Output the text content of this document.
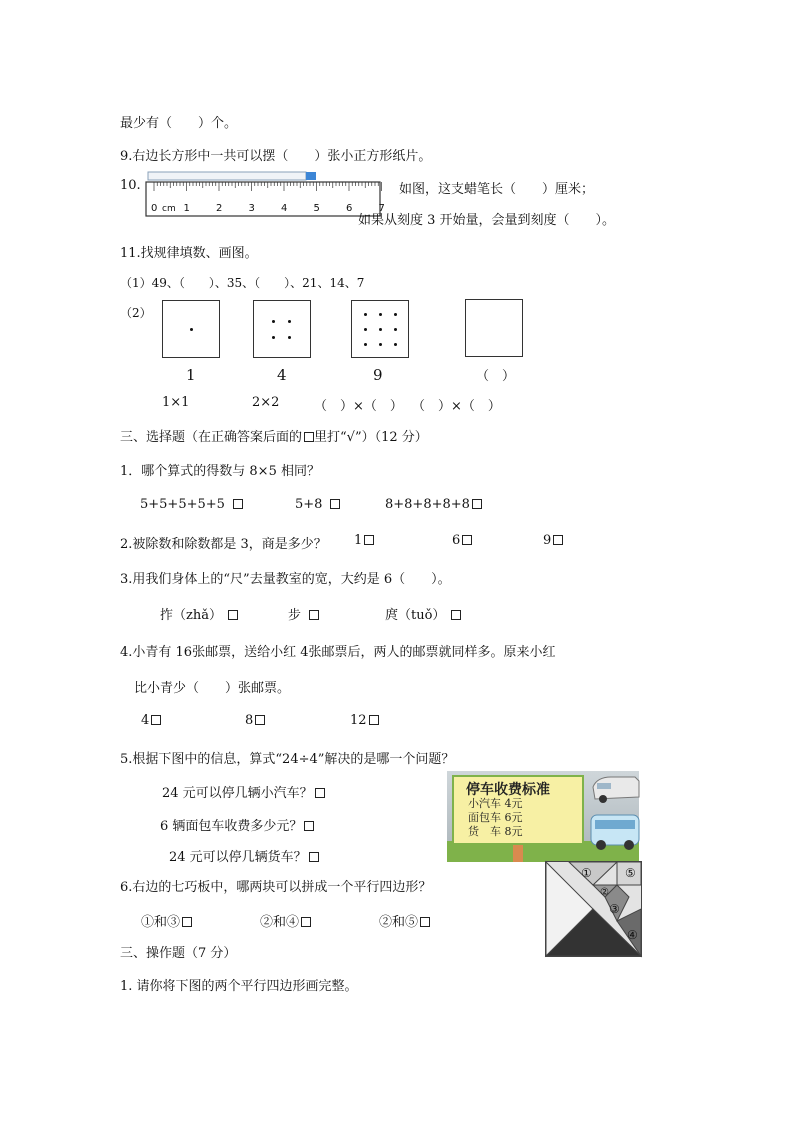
最少有（　　）个。
9.右边长方形中一共可以摆（　　）张小正方形纸片。
10.
0	1	2	3	4	5	6	7
cm
如图，这支蜡笔长（　　）厘米；
如果从刻度 3 开始量，会量到刻度（　　）。
11.找规律填数、画图。
（1）49、（　　）、35、（　　）、21、14、7
（2）
1	4	9	（　）
1×1	2×2	（　）×（　） （　）×（　）
三、选择题（在正确答案后面的 里打“√”）（12 分）
1．哪个算式的得数与 8×5 相同？
5+5+5+5+5	5+8	8+8+8+8+8
2.被除数和除数都是 3，商是多少？ 1	6	9
3.用我们身体上的“尺”去量教室的宽，大约是 6（　　）。
拃（zhǎ）	步	庹（tuǒ）
4.小青有 16张邮票，送给小红 4张邮票后，两人的邮票就同样多。原来小红
比小青少（　　）张邮票。
4	8	12
5.根据下图中的信息，算式“24÷4”解决的是哪一个问题？
24 元可以停几辆小汽车？
6 辆面包车收费多少元？
24 元可以停几辆货车？
停车收费标准
小汽车 4元
面包车 6元
货　车 8元
6.右边的七巧板中，哪两块可以拼成一个平行四边形？
①和③	②和④	②和⑤
①
②
③
⑤
④
三、操作题（7 分）
1. 请你将下图的两个平行四边形画完整。
